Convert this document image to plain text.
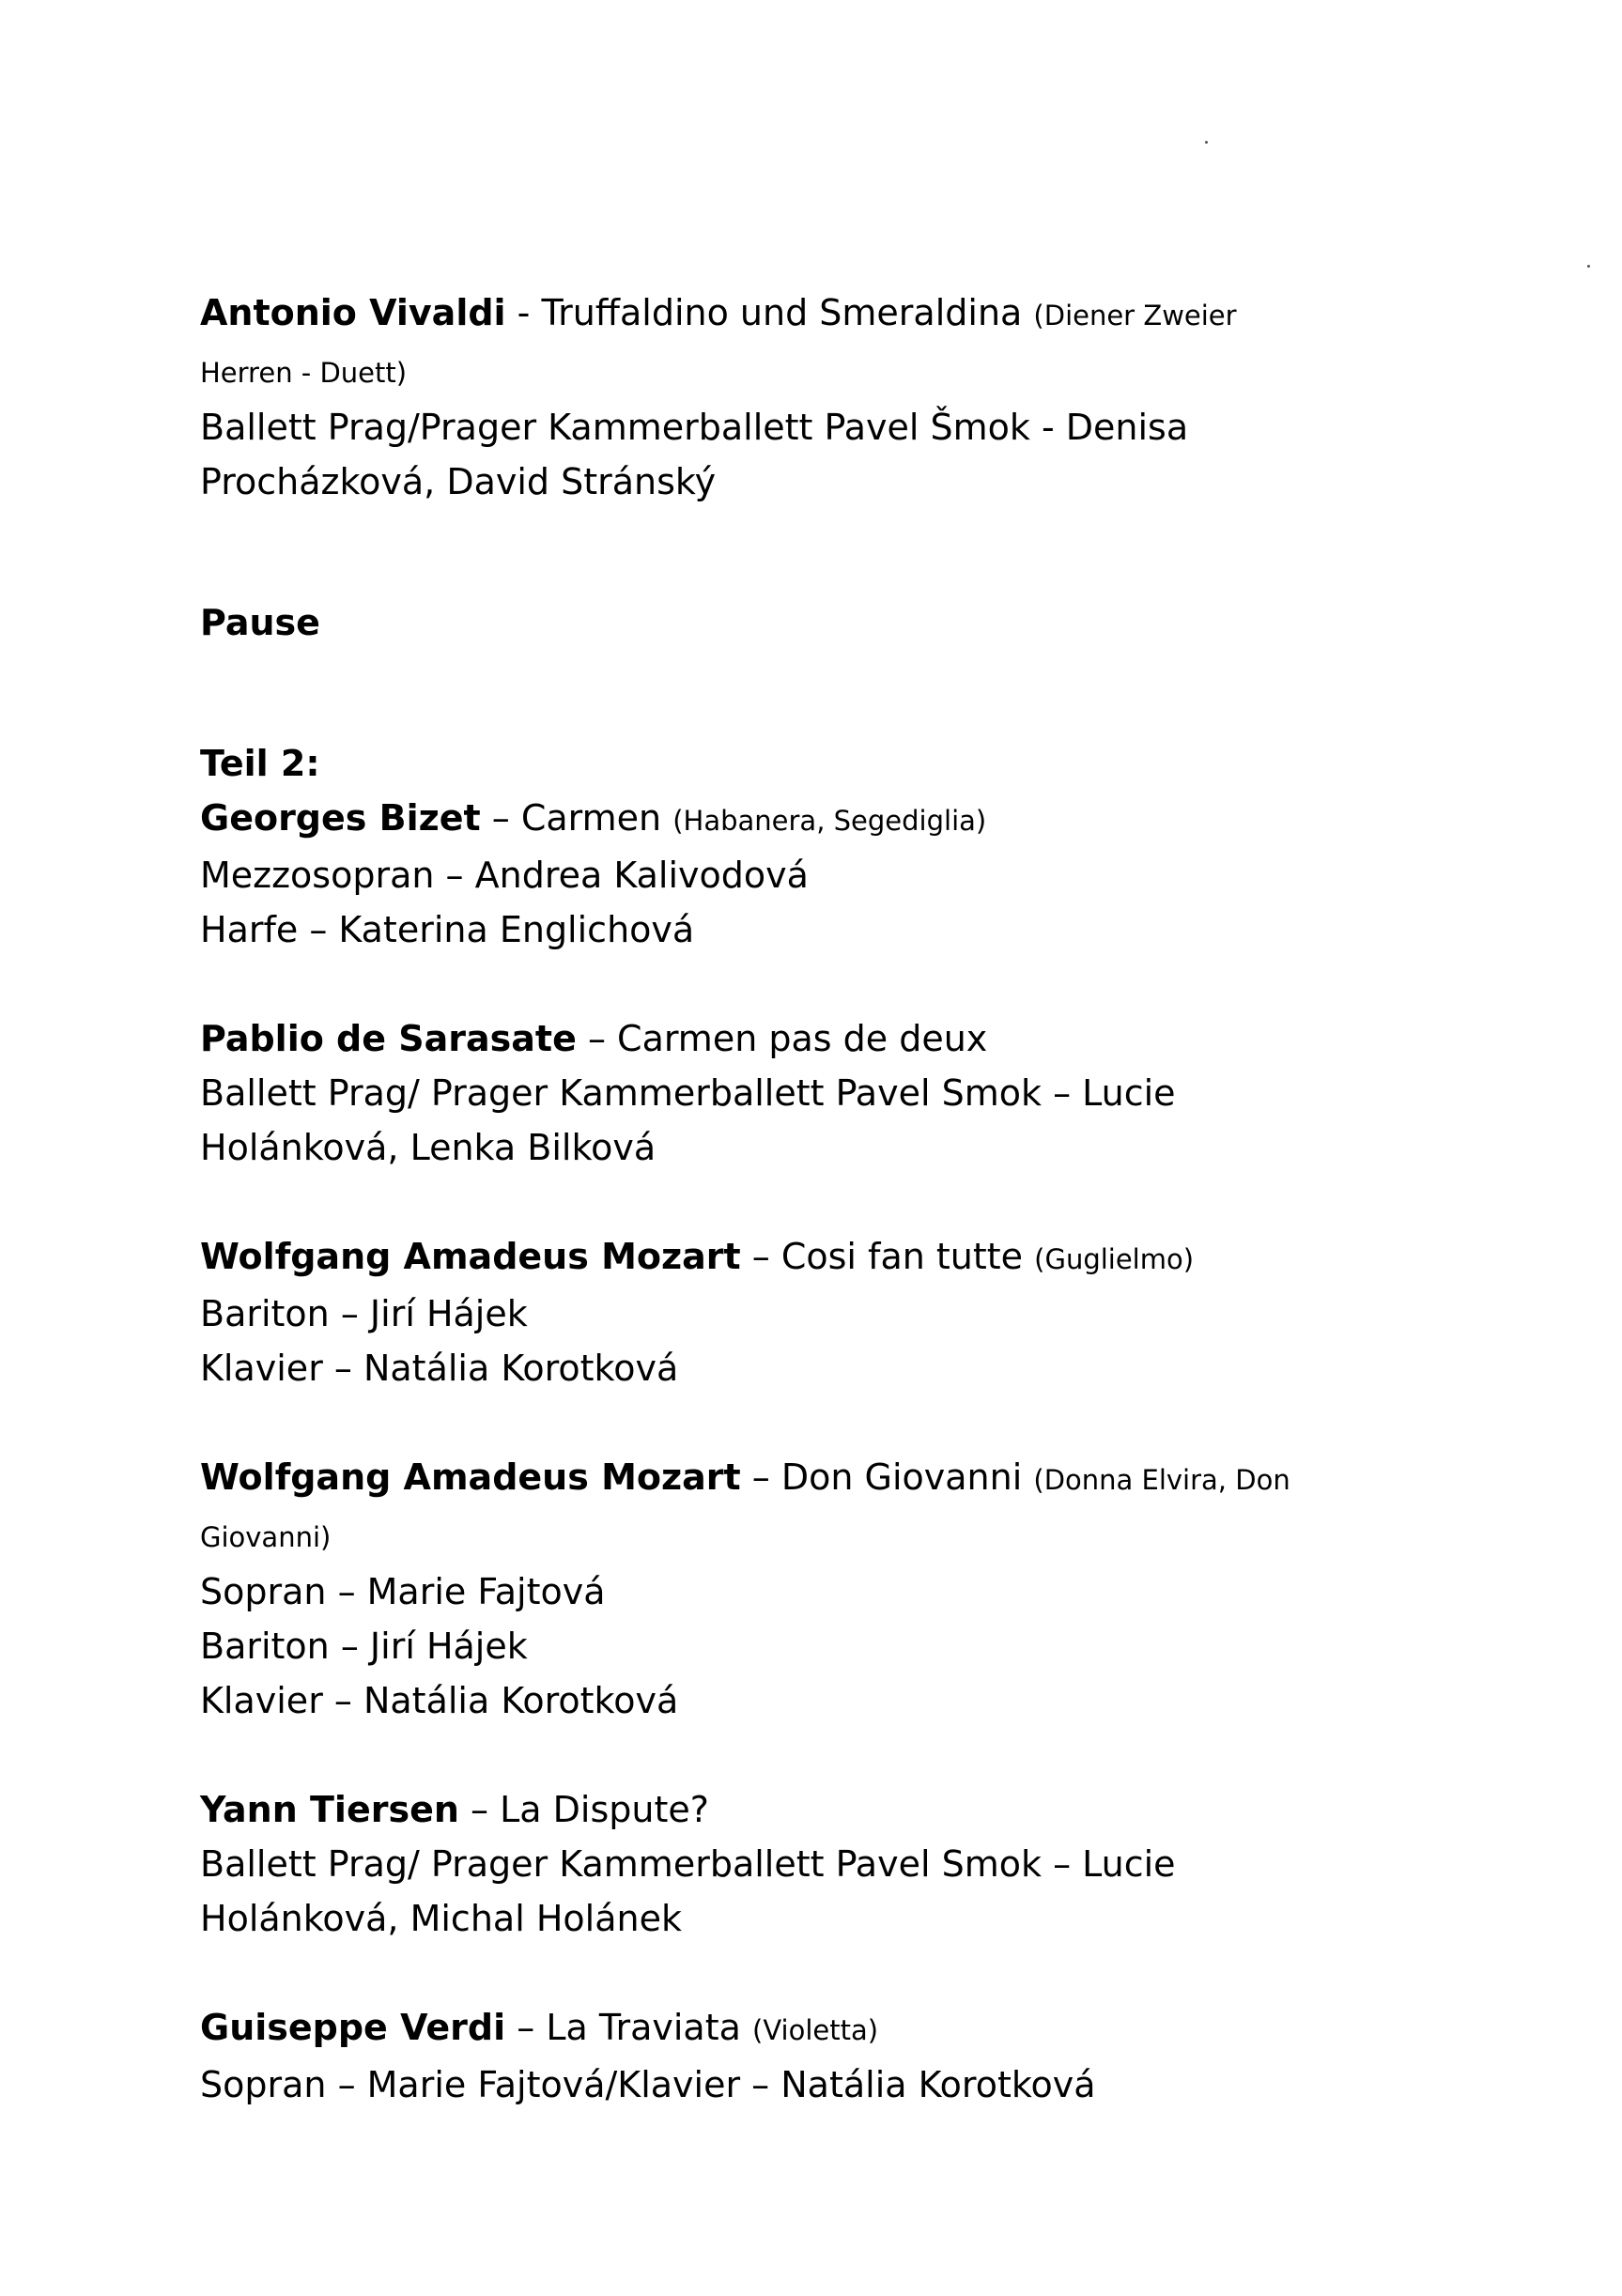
Antonio Vivaldi - Truffaldino und Smeraldina (Diener Zweier Herren - Duett)

Ballett Prag/Prager Kammerballett Pavel Šmok - Denisa Procházková, David Stránský

Pause

Teil 2:

Georges Bizet – Carmen (Habanera, Segediglia)

Mezzosopran – Andrea Kalivodová

Harfe – Katerina Englichová

Pablio de Sarasate – Carmen pas de deux

Ballett Prag/ Prager Kammerballett Pavel Smok – Lucie Holánková, Lenka Bilková

Wolfgang Amadeus Mozart – Cosi fan tutte (Guglielmo)

Bariton – Jirí Hájek

Klavier – Natália Korotková

Wolfgang Amadeus Mozart – Don Giovanni (Donna Elvira, Don Giovanni)

Sopran – Marie Fajtová

Bariton – Jirí Hájek

Klavier – Natália Korotková

Yann Tiersen – La Dispute?

Ballett Prag/ Prager Kammerballett Pavel Smok – Lucie Holánková, Michal Holánek

Guiseppe Verdi – La Traviata (Violetta)

Sopran – Marie Fajtová/Klavier – Natália Korotková
